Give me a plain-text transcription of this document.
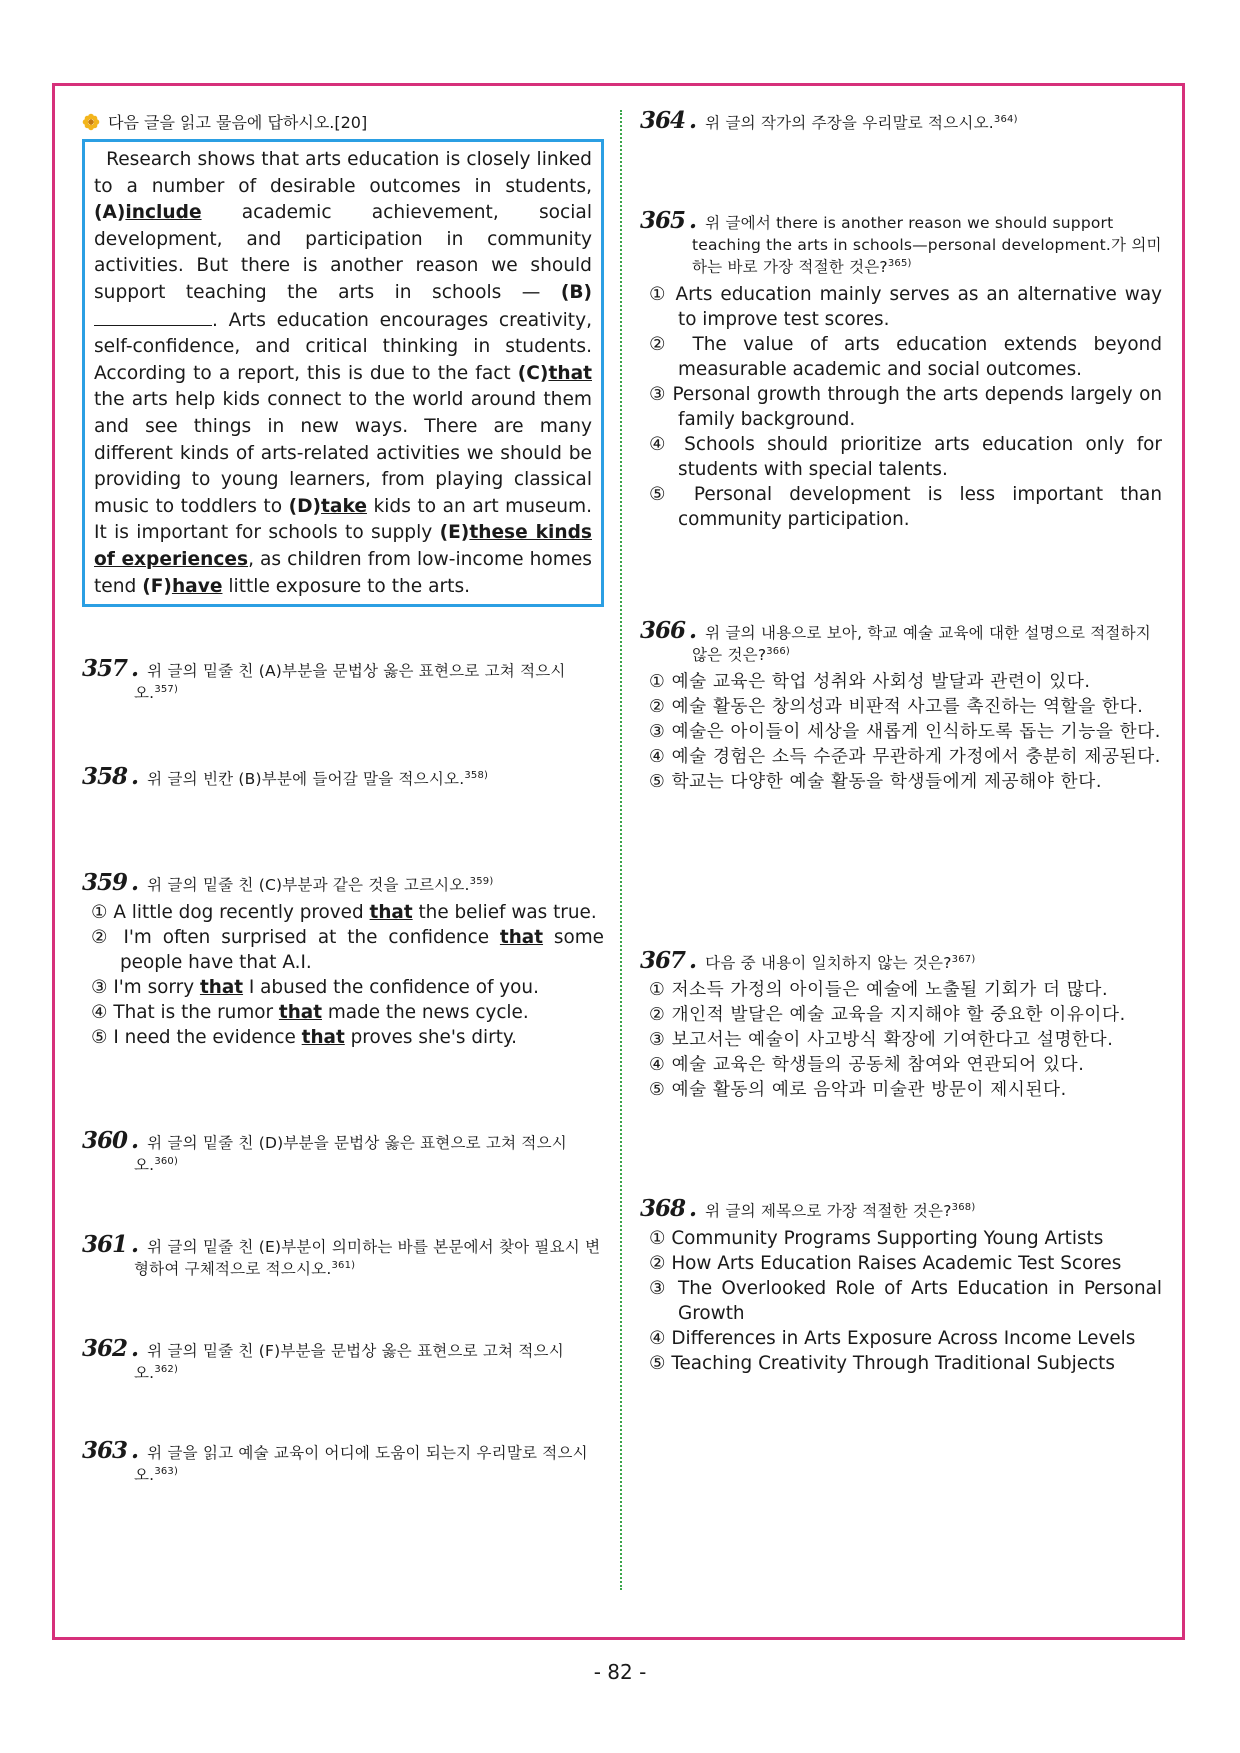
다음 글을 읽고 물음에 답하시오.[20]
Research shows that arts education is closely linked to a number of desirable outcomes in students, (A)include academic achievement, social development, and participation in community activities. But there is another reason we should support teaching the arts in schools — (B). Arts education encourages creativity, self-confidence, and critical thinking in students. According to a report, this is due to the fact (C)that the arts help kids connect to the world around them and see things in new ways. There are many different kinds of arts-related activities we should be providing to young learners, from playing classical music to toddlers to (D)take kids to an art museum. It is important for schools to supply (E)these kinds of experiences, as children from low-income homes tend (F)have little exposure to the arts.
357 . 위 글의 밑줄 친 (A)부분을 문법상 옳은 표현으로 고쳐 적으시오.$^{357)}$
358 . 위 글의 빈칸 (B)부분에 들어갈 말을 적으시오.$^{358)}$
359 . 위 글의 밑줄 친 (C)부분과 같은 것을 고르시오.$^{359)}$
① A little dog recently proved that the belief was true.
② I'm often surprised at the confidence that some people have that A.I.
③ I'm sorry that I abused the confidence of you.
④ That is the rumor that made the news cycle.
⑤ I need the evidence that proves she's dirty.
360 . 위 글의 밑줄 친 (D)부분을 문법상 옳은 표현으로 고쳐 적으시오.$^{360)}$
361 . 위 글의 밑줄 친 (E)부분이 의미하는 바를 본문에서 찾아 필요시 변형하여 구체적으로 적으시오.$^{361)}$
362 . 위 글의 밑줄 친 (F)부분을 문법상 옳은 표현으로 고쳐 적으시오.$^{362)}$
363 . 위 글을 읽고 예술 교육이 어디에 도움이 되는지 우리말로 적으시오.$^{363)}$
364 . 위 글의 작가의 주장을 우리말로 적으시오.$^{364)}$
365 . 위 글에서 there is another reason we should support teaching the arts in schools—personal development.가 의미하는 바로 가장 적절한 것은?$^{365)}$
① Arts education mainly serves as an alternative way to improve test scores.
② The value of arts education extends beyond measurable academic and social outcomes.
③ Personal growth through the arts depends largely on family background.
④ Schools should prioritize arts education only for students with special talents.
⑤ Personal development is less important than community participation.
366 . 위 글의 내용으로 보아, 학교 예술 교육에 대한 설명으로 적절하지 않은 것은?$^{366)}$
① 예술 교육은 학업 성취와 사회성 발달과 관련이 있다.
② 예술 활동은 창의성과 비판적 사고를 촉진하는 역할을 한다.
③ 예술은 아이들이 세상을 새롭게 인식하도록 돕는 기능을 한다.
④ 예술 경험은 소득 수준과 무관하게 가정에서 충분히 제공된다.
⑤ 학교는 다양한 예술 활동을 학생들에게 제공해야 한다.
367 . 다음 중 내용이 일치하지 않는 것은?$^{367)}$
① 저소득 가정의 아이들은 예술에 노출될 기회가 더 많다.
② 개인적 발달은 예술 교육을 지지해야 할 중요한 이유이다.
③ 보고서는 예술이 사고방식 확장에 기여한다고 설명한다.
④ 예술 교육은 학생들의 공동체 참여와 연관되어 있다.
⑤ 예술 활동의 예로 음악과 미술관 방문이 제시된다.
368 . 위 글의 제목으로 가장 적절한 것은?$^{368)}$
① Community Programs Supporting Young Artists
② How Arts Education Raises Academic Test Scores
③ The Overlooked Role of Arts Education in Personal Growth
④ Differences in Arts Exposure Across Income Levels
⑤ Teaching Creativity Through Traditional Subjects
- 82 -
